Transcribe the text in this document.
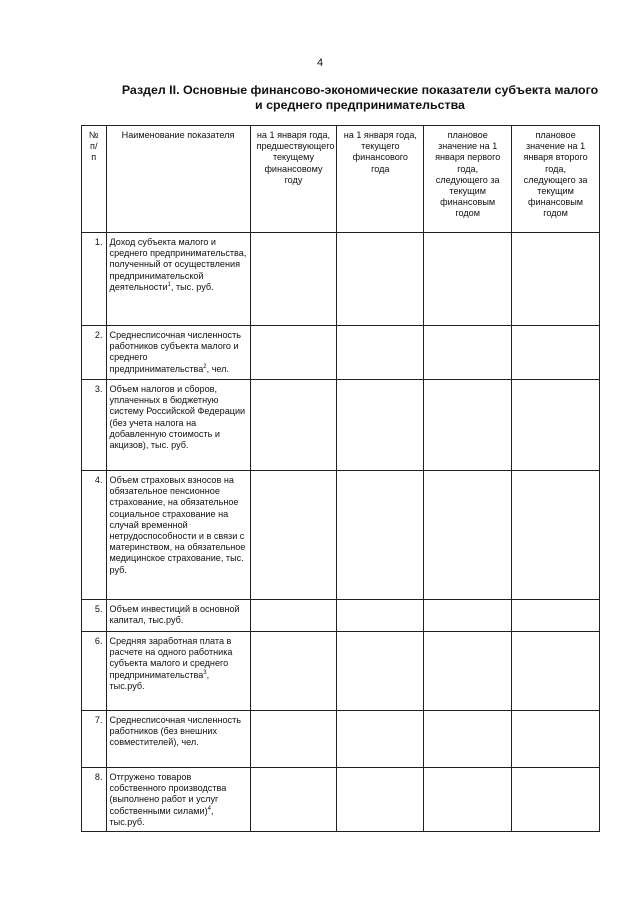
4
Раздел II. Основные финансово-экономические показатели субъекта малого
и среднего предпринимательства
№ п/п	Наименование показателя	на 1 января года, предшествующего текущему финансовому году	на 1 января года, текущего финансового года	плановое значение на 1 января первого года, следующего за текущим финансовым годом	плановое значение на 1 января второго года, следующего за текущим финансовым годом
1.	Доход субъекта малого и среднего предпринимательства, полученный от осуществления предпринимательской деятельности$^1$, тыс. руб.				
2.	Среднесписочная численность работников субъекта малого и среднего предпринимательства$^2$, чел.				
3.	Объем налогов и сборов, уплаченных в бюджетную систему Российской Федерации (без учета налога на добавленную стоимость и акцизов), тыс. руб.				
4.	Объем страховых взносов на обязательное пенсионное страхование, на обязательное социальное страхование на случай временной нетрудоспособности и в связи с материнством, на обязательное медицинское страхование, тыс. руб.				
5.	Объем инвестиций в основной капитал, тыс.руб.				
6.	Средняя заработная плата в расчете на одного работника субъекта малого и среднего предпринимательства$^3$, тыс.руб.				
7.	Среднесписочная численность работников (без внешних совместителей), чел.				
8.	Отгружено товаров собственного производства (выполнено работ и услуг собственными силами)$^4$, тыс.руб.				
